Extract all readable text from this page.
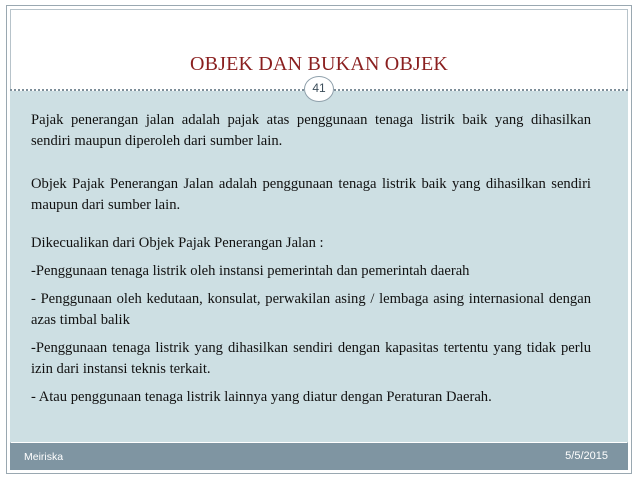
OBJEK DAN BUKAN OBJEK
41

Pajak penerangan jalan adalah pajak atas penggunaan tenaga listrik baik yang dihasilkan sendiri maupun diperoleh dari sumber lain.

Objek Pajak Penerangan Jalan adalah penggunaan tenaga listrik baik yang dihasilkan sendiri maupun dari sumber lain.

Dikecualikan dari Objek Pajak Penerangan Jalan :

-Penggunaan tenaga listrik oleh instansi pemerintah dan pemerintah daerah

- Penggunaan oleh kedutaan, konsulat, perwakilan asing / lembaga asing internasional dengan azas timbal balik

-Penggunaan tenaga listrik yang dihasilkan sendiri dengan kapasitas tertentu yang tidak perlu izin dari instansi teknis terkait.

- Atau penggunaan tenaga listrik lainnya yang diatur dengan Peraturan Daerah.

Meiriska	5/5/2015
